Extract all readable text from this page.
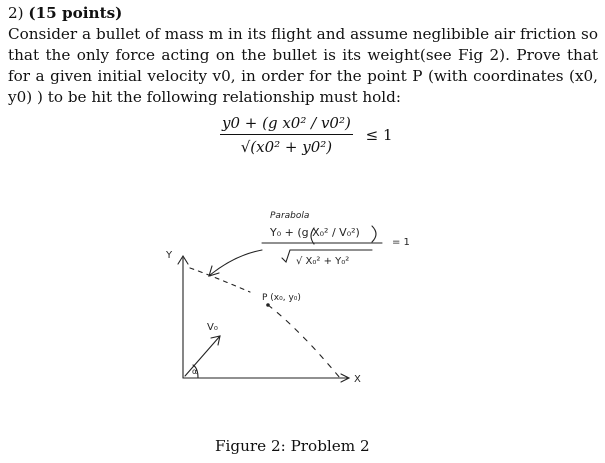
2) (15 points)
Consider a bullet of mass m in its flight and assume neglibible air friction so that the only force acting on the bullet is its weight(see Fig 2). Prove that for a given initial velocity v0, in order for the point P (with coordinates (x0, y0) ) to be hit the following relationship must hold:
$\frac{\text{y0 + (g x0² / v0²)}}{\text{√(x0² + y0²)}} \le 1$
Parabola
Y₀ + (g X₀² / V₀²)
√ X₀² + Y₀²
= 1
Y
X
P (x₀, y₀)
V₀
α
Figure 2: Problem 2
